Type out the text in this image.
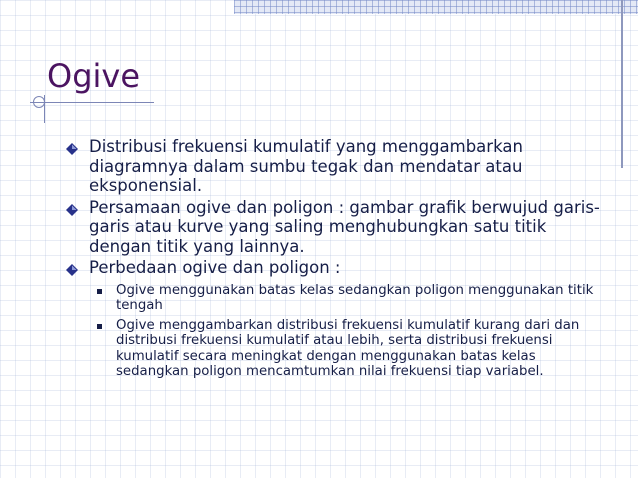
Ogive
Distribusi frekuensi kumulatif yang menggambarkan diagramnya dalam sumbu tegak dan mendatar atau eksponensial.
Persamaan ogive dan poligon : gambar grafik berwujud garis-garis atau kurve yang saling menghubungkan satu titik dengan titik yang lainnya.
Perbedaan ogive dan poligon :
Ogive menggunakan batas kelas sedangkan poligon menggunakan titik tengah
Ogive menggambarkan distribusi frekuensi kumulatif kurang dari dan distribusi frekuensi kumulatif atau lebih, serta distribusi frekuensi kumulatif secara meningkat dengan menggunakan batas kelas sedangkan poligon mencamtumkan nilai frekuensi tiap variabel.
